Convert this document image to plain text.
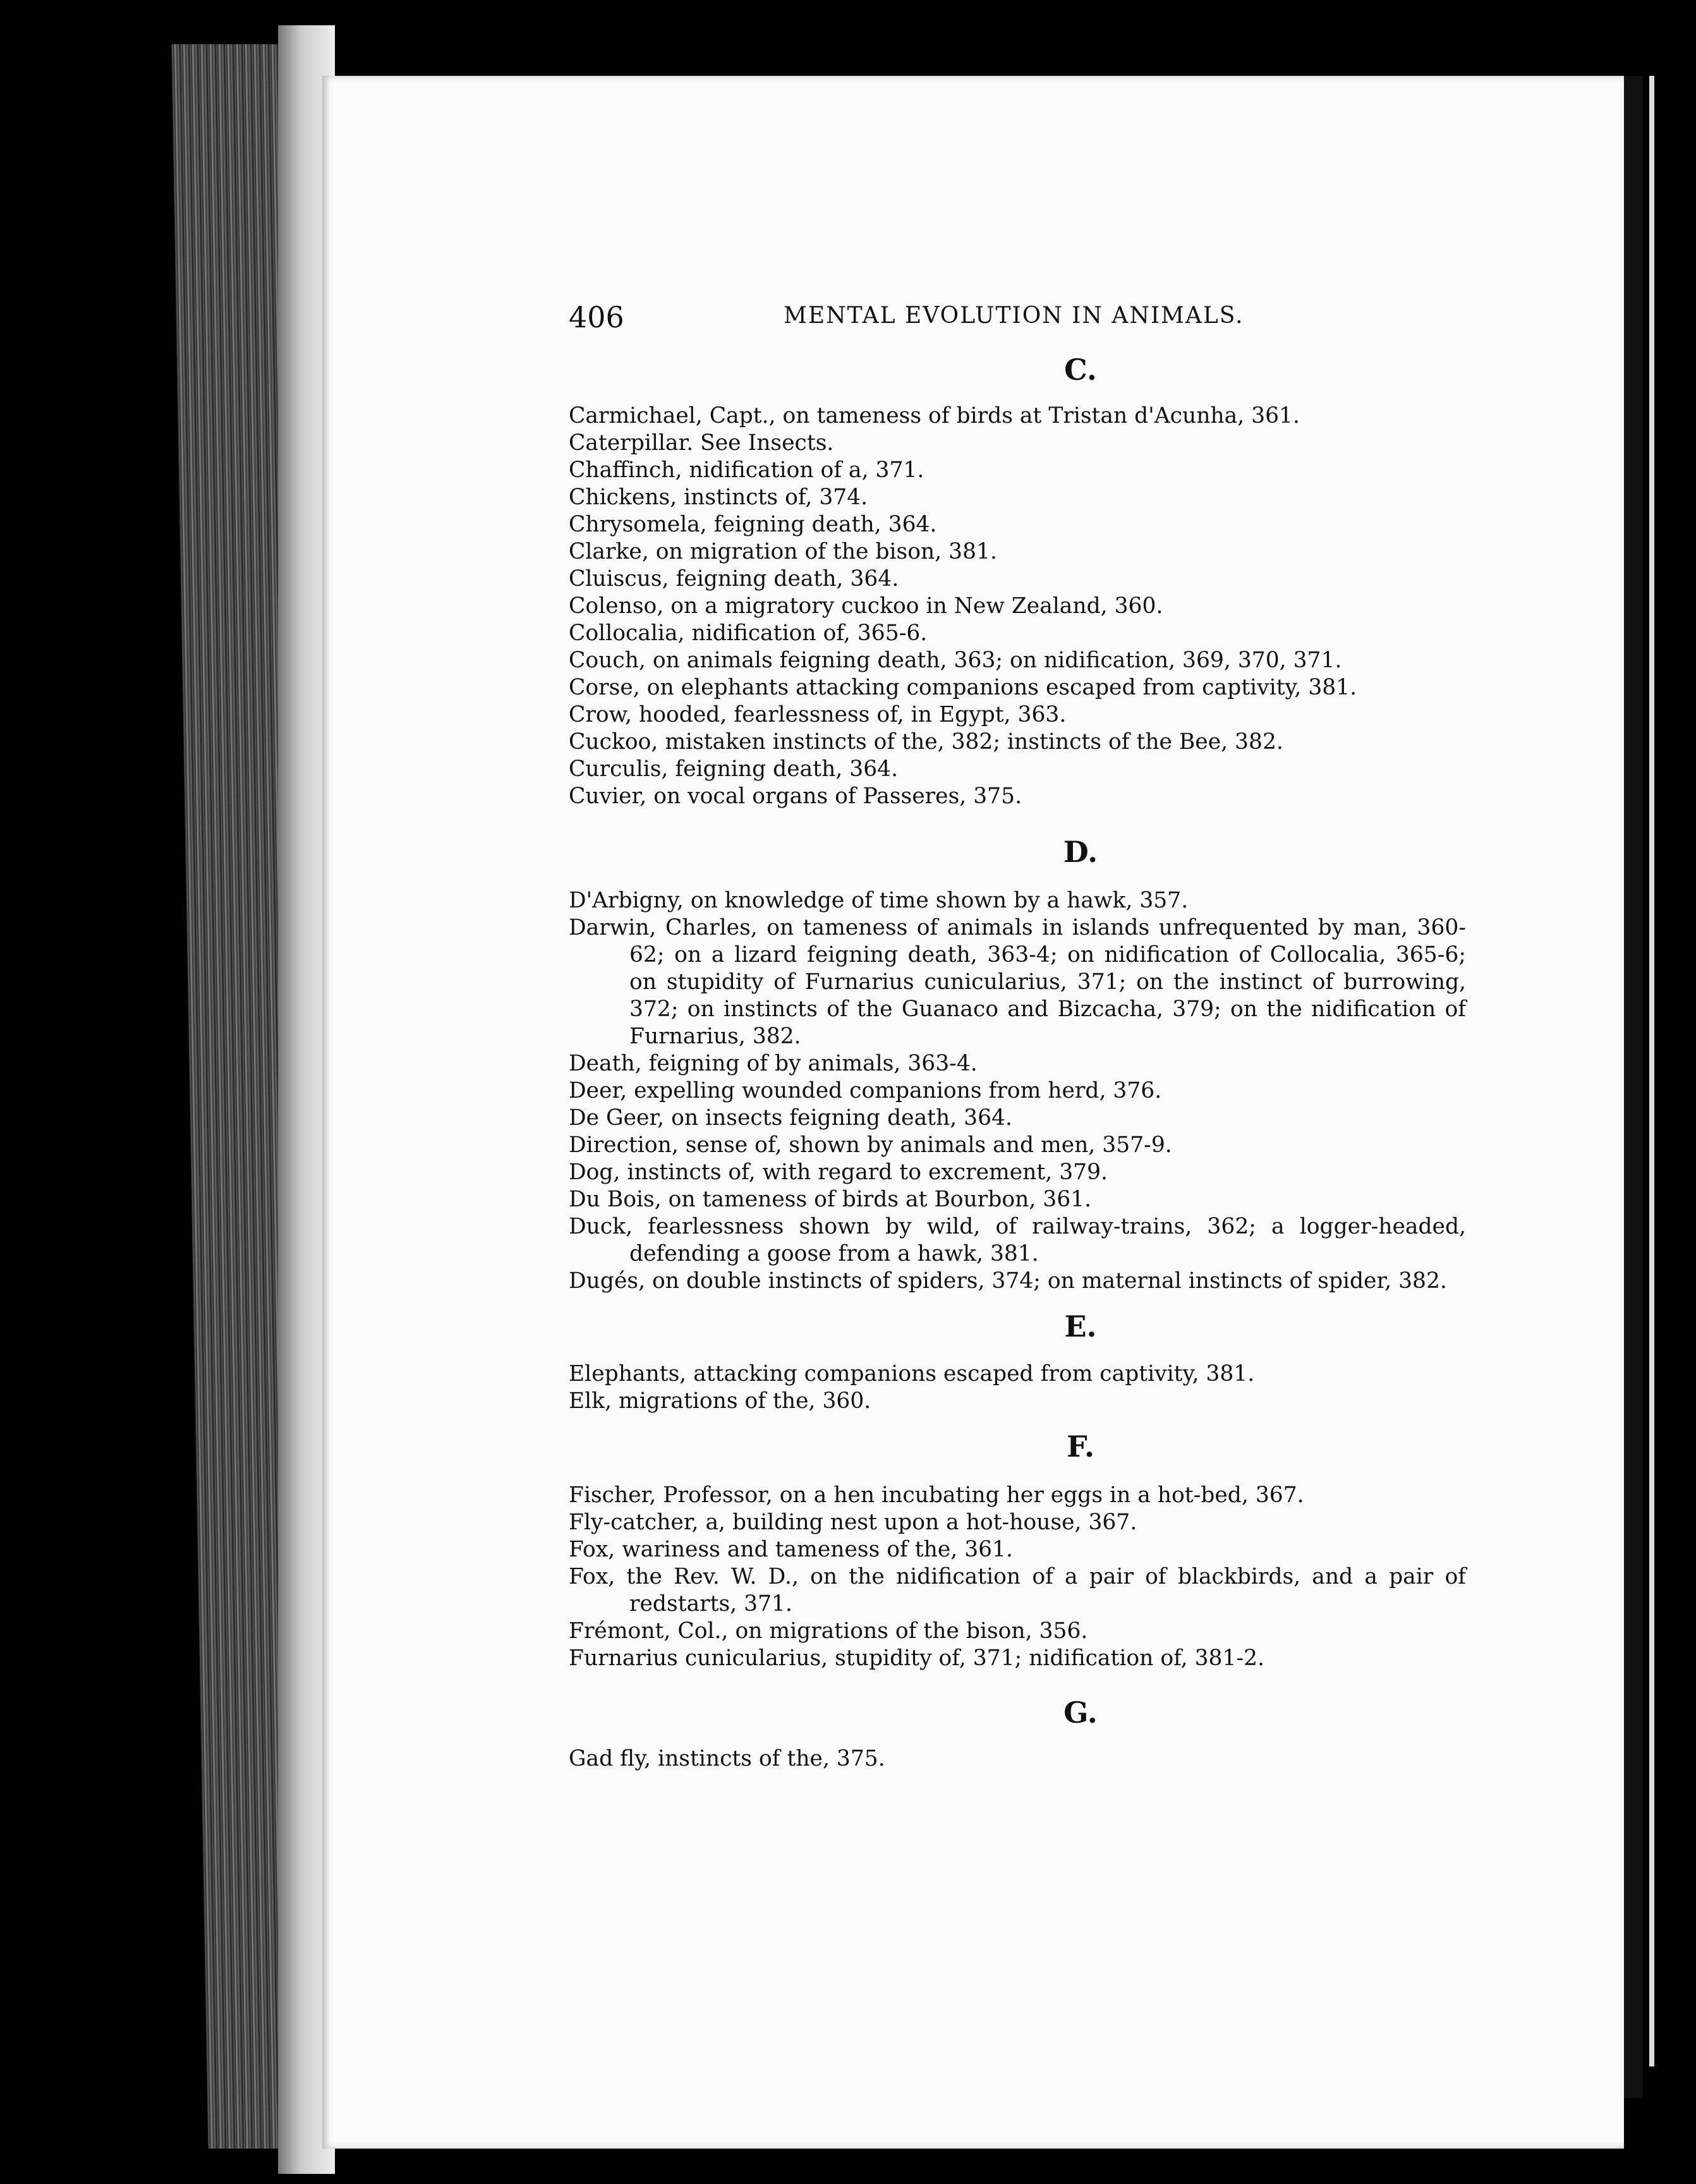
406	MENTAL EVOLUTION IN ANIMALS.
C.
Carmichael, Capt., on tameness of birds at Tristan d'Acunha, 361.
Caterpillar. See Insects.
Chaffinch, nidification of a, 371.
Chickens, instincts of, 374.
Chrysomela, feigning death, 364.
Clarke, on migration of the bison, 381.
Cluiscus, feigning death, 364.
Colenso, on a migratory cuckoo in New Zealand, 360.
Collocalia, nidification of, 365-6.
Couch, on animals feigning death, 363; on nidification, 369, 370, 371.
Corse, on elephants attacking companions escaped from captivity, 381.
Crow, hooded, fearlessness of, in Egypt, 363.
Cuckoo, mistaken instincts of the, 382; instincts of the Bee, 382.
Curculis, feigning death, 364.
Cuvier, on vocal organs of Passeres, 375.
D.
D'Arbigny, on knowledge of time shown by a hawk, 357.
Darwin, Charles, on tameness of animals in islands unfrequented by man, 360-62; on a lizard feigning death, 363-4; on nidification of Collocalia, 365-6; on stupidity of Furnarius cunicularius, 371; on the instinct of burrowing, 372; on instincts of the Guanaco and Bizcacha, 379; on the nidification of Furnarius, 382.
Death, feigning of by animals, 363-4.
Deer, expelling wounded companions from herd, 376.
De Geer, on insects feigning death, 364.
Direction, sense of, shown by animals and men, 357-9.
Dog, instincts of, with regard to excrement, 379.
Du Bois, on tameness of birds at Bourbon, 361.
Duck, fearlessness shown by wild, of railway-trains, 362; a logger-headed, defending a goose from a hawk, 381.
Dugés, on double instincts of spiders, 374; on maternal instincts of spider, 382.
E.
Elephants, attacking companions escaped from captivity, 381.
Elk, migrations of the, 360.
F.
Fischer, Professor, on a hen incubating her eggs in a hot-bed, 367.
Fly-catcher, a, building nest upon a hot-house, 367.
Fox, wariness and tameness of the, 361.
Fox, the Rev. W. D., on the nidification of a pair of blackbirds, and a pair of redstarts, 371.
Frémont, Col., on migrations of the bison, 356.
Furnarius cunicularius, stupidity of, 371; nidification of, 381-2.
G.
Gad fly, instincts of the, 375.
